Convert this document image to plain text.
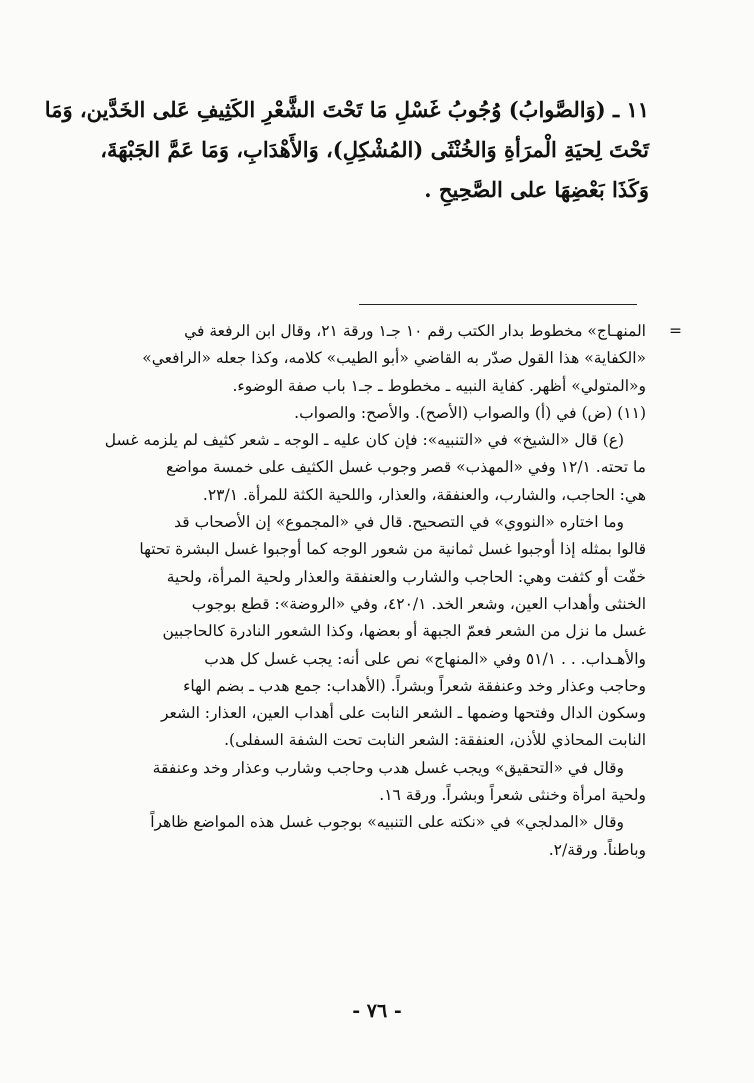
١١ ـ (وَالصَّوابُ) وُجُوبُ غَسْلِ مَا تَحْتَ الشَّعْرِ الكَثِيفِ عَلى الخَدَّين، وَمَا
تَحْتَ لِحيَةِ الْمرَأةِ وَالخُنْثَى (المُشْكِلِ)، وَالأَهْدَابِ، وَمَا عَمَّ الجَبْهَةَ،
وَكَذَا بَعْضِهَا على الصَّحِيحِ .
=
المنهـاج» مخطوط بدار الكتب رقم ١٠ جـ١ ورقة ٢١، وقال ابن الرفعة في
«الكفاية» هذا القول صدّر به القاضي «أبو الطيب» كلامه، وكذا جعله «الرافعي»
و«المتولي» أظهر. كفاية النبيه ـ مخطوط ـ جـ١ باب صفة الوضوء.
(١١) (ض) في (أ) والصواب (الأصح). والأصح: والصواب.
(ع) قال «الشيخ» في «التنبيه»: فإن كان عليه ـ الوجه ـ شعر كثيف لم يلزمه غسل
ما تحته. ١٢/١ وفي «المهذب» قصر وجوب غسل الكثيف على خمسة مواضع
هي: الحاجب، والشارب، والعنفقة، والعذار، واللحية الكثة للمرأة. ٢٣/١.
وما اختاره «النووي» في التصحيح. قال في «المجموع» إن الأصحاب قد
قالوا بمثله إذا أوجبوا غسل ثمانية من شعور الوجه كما أوجبوا غسل البشرة تحتها
خفّت أو كثفت وهي: الحاجب والشارب والعنفقة والعذار ولحية المرأة، ولحية
الخنثى وأهداب العين، وشعر الخد. ٤٢٠/١، وفي «الروضة»: قطع بوجوب
غسل ما نزل من الشعر فعمّ الجبهة أو بعضها، وكذا الشعور النادرة كالحاجبين
والأهـداب. . . ٥١/١ وفي «المنهاج» نص على أنه: يجب غسل كل هدب
وحاجب وعذار وخد وعنفقة شعراً وبشراً. (الأهداب: جمع هدب ـ بضم الهاء
وسكون الدال وفتحها وضمها ـ الشعر النابت على أهداب العين، العذار: الشعر
النابت المحاذي للأذن، العنفقة: الشعر النابت تحت الشفة السفلى).
وقال في «التحقيق» ويجب غسل هدب وحاجب وشارب وعذار وخد وعنفقة
ولحية امرأة وخنثى شعراً وبشراً. ورقة ١٦.
وقال «المدلجي» في «نكته على التنبيه» بوجوب غسل هذه المواضع ظاهراً
وباطناً. ورقة/٢.
- ٧٦ -
